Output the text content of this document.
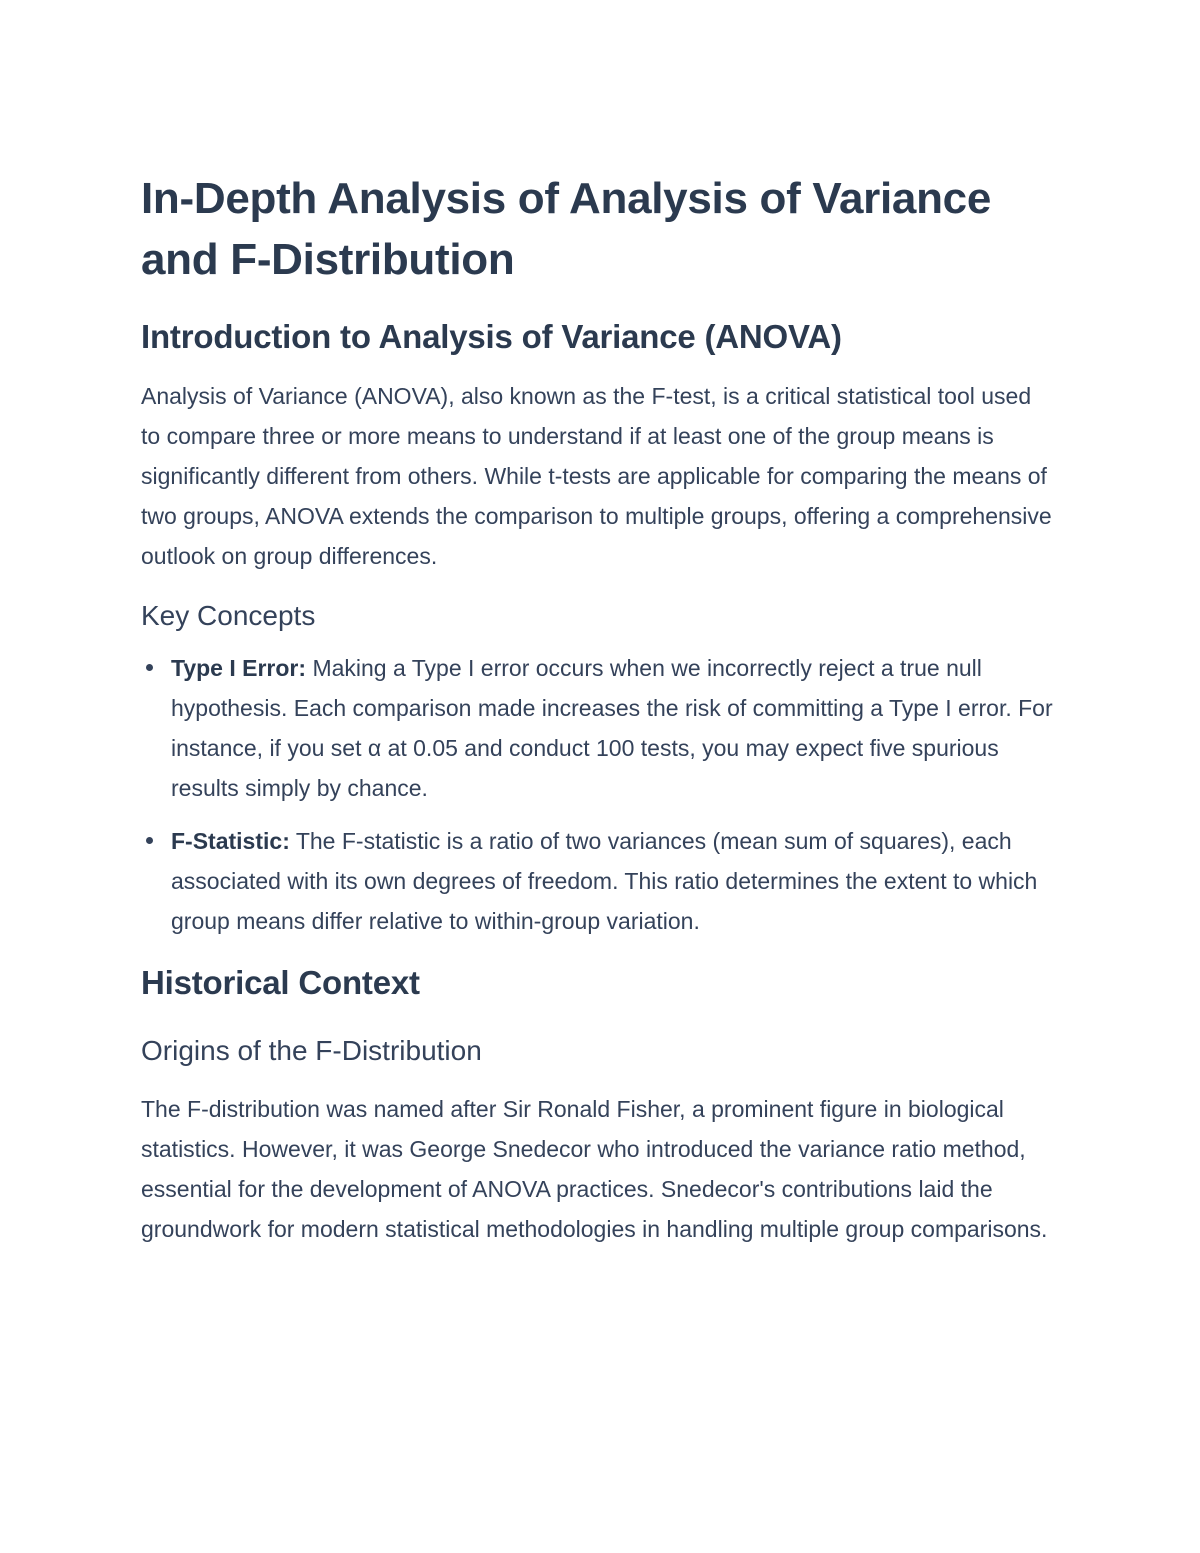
In-Depth Analysis of Analysis of Variance and F-Distribution
Introduction to Analysis of Variance (ANOVA)

Analysis of Variance (ANOVA), also known as the F-test, is a critical statistical tool used to compare three or more means to understand if at least one of the group means is significantly different from others. While t-tests are applicable for comparing the means of two groups, ANOVA extends the comparison to multiple groups, offering a comprehensive outlook on group differences.

Key Concepts
Type I Error: Making a Type I error occurs when we incorrectly reject a true null hypothesis. Each comparison made increases the risk of committing a Type I error. For instance, if you set α at 0.05 and conduct 100 tests, you may expect five spurious results simply by chance.
F-Statistic: The F-statistic is a ratio of two variances (mean sum of squares), each associated with its own degrees of freedom. This ratio determines the extent to which group means differ relative to within-group variation.
Historical Context
Origins of the F-Distribution

The F-distribution was named after Sir Ronald Fisher, a prominent figure in biological statistics. However, it was George Snedecor who introduced the variance ratio method, essential for the development of ANOVA practices. Snedecor's contributions laid the groundwork for modern statistical methodologies in handling multiple group comparisons.
